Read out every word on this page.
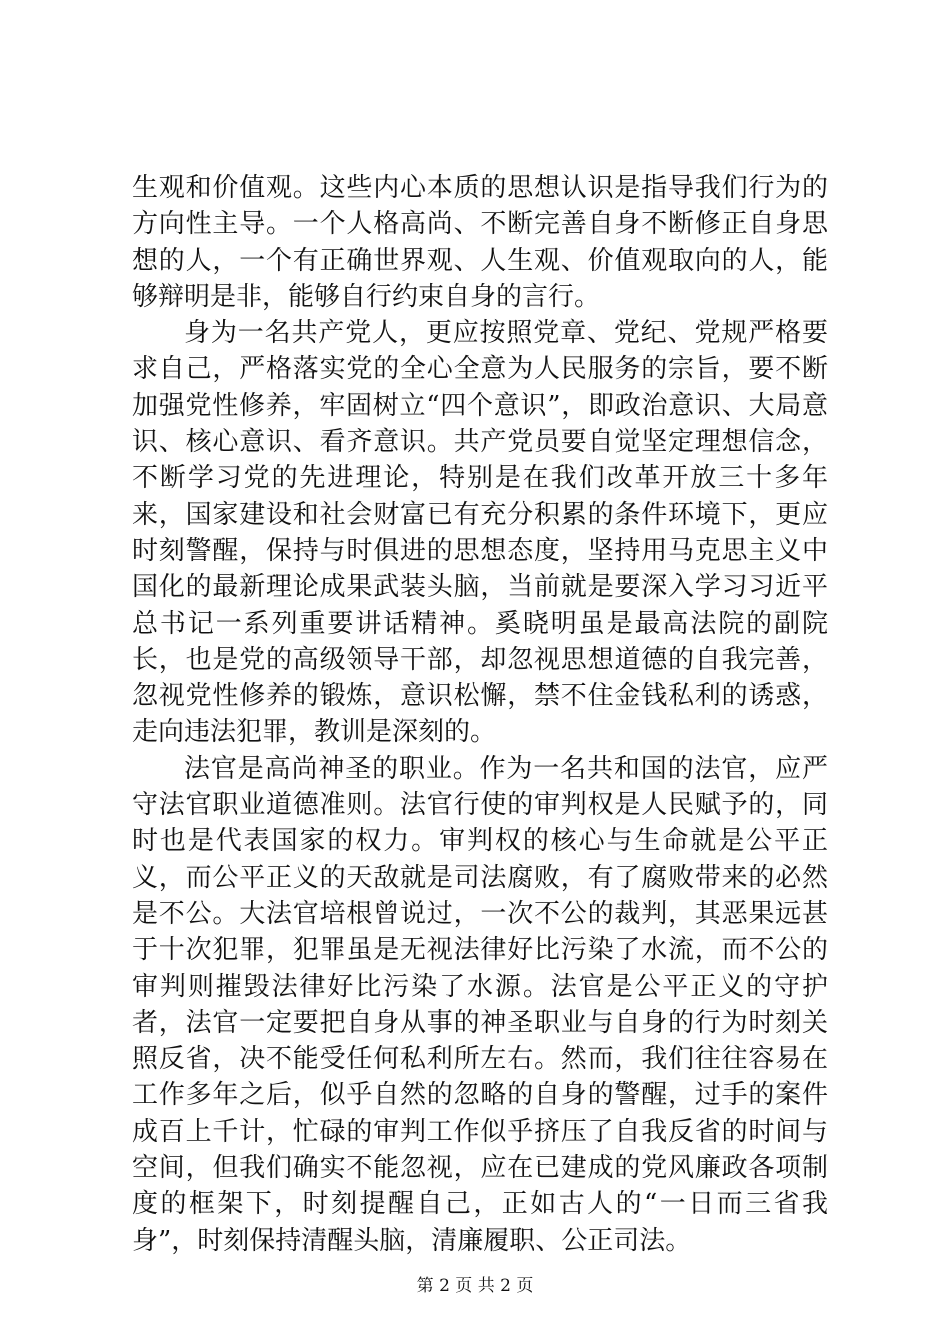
生观和价值观。这些内心本质的思想认识是指导我们行为的方向性主导。一个人格高尚、不断完善自身不断修正自身思想的人，一个有正确世界观、人生观、价值观取向的人，能够辩明是非，能够自行约束自身的言行。

身为一名共产党人，更应按照党章、党纪、党规严格要求自己，严格落实党的全心全意为人民服务的宗旨，要不断加强党性修养，牢固树立“四个意识”，即政治意识、大局意识、核心意识、看齐意识。共产党员要自觉坚定理想信念，不断学习党的先进理论，特别是在我们改革开放三十多年来，国家建设和社会财富已有充分积累的条件环境下，更应时刻警醒，保持与时俱进的思想态度，坚持用马克思主义中国化的最新理论成果武装头脑，当前就是要深入学习习近平总书记一系列重要讲话精神。奚晓明虽是最高法院的副院长，也是党的高级领导干部，却忽视思想道德的自我完善，忽视党性修养的锻炼，意识松懈，禁不住金钱私利的诱惑，走向违法犯罪，教训是深刻的。

法官是高尚神圣的职业。作为一名共和国的法官，应严守法官职业道德准则。法官行使的审判权是人民赋予的，同时也是代表国家的权力。审判权的核心与生命就是公平正义，而公平正义的天敌就是司法腐败，有了腐败带来的必然是不公。大法官培根曾说过，一次不公的裁判，其恶果远甚于十次犯罪，犯罪虽是无视法律好比污染了水流，而不公的审判则摧毁法律好比污染了水源。法官是公平正义的守护者，法官一定要把自身从事的神圣职业与自身的行为时刻关照反省，决不能受任何私利所左右。然而，我们往往容易在工作多年之后，似乎自然的忽略的自身的警醒，过手的案件成百上千计，忙碌的审判工作似乎挤压了自我反省的时间与空间，但我们确实不能忽视，应在已建成的党风廉政各项制度的框架下，时刻提醒自己，正如古人的“一日而三省我身”，时刻保持清醒头脑，清廉履职、公正司法。

第 2 页 共 2 页
